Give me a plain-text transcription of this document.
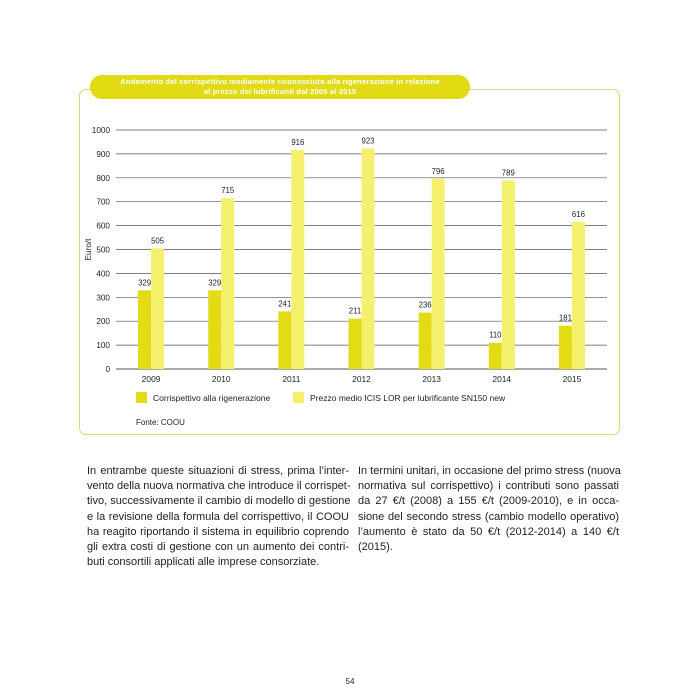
Andamento del corrispettivo mediamente riconosciuto alla rigenerazione in relazione
al prezzo dei lubrificanti dal 2009 al 2015
0
100
200
300
400
500
600
700
800
900
1000
Euro/t
329
505
2009
329
715
2010
241
916
2011
211
923
2012
236
796
2013
110
789
2014
181
616
2015
Corrispettivo alla rigenerazione	Prezzo medio ICIS LOR per lubrificante SN150 new
Fonte: COOU
In entrambe queste situazioni di stress, prima l’inter-
vento della nuova normativa che introduce il corrispet-
tivo, successivamente il cambio di modello di gestione
e la revisione della formula del corrispettivo, il COOU
ha reagito riportando il sistema in equilibrio coprendo
gli extra costi di gestione con un aumento dei contri-
buti consortili applicati alle imprese consorziate.
In termini unitari, in occasione del primo stress (nuova
normativa sul corrispettivo) i contributi sono passati
da 27 €/t (2008) a 155 €/t (2009-2010), e in occa-
sione del secondo stress (cambio modello operativo)
l’aumento è stato da 50 €/t (2012-2014) a 140 €/t
(2015).
54
